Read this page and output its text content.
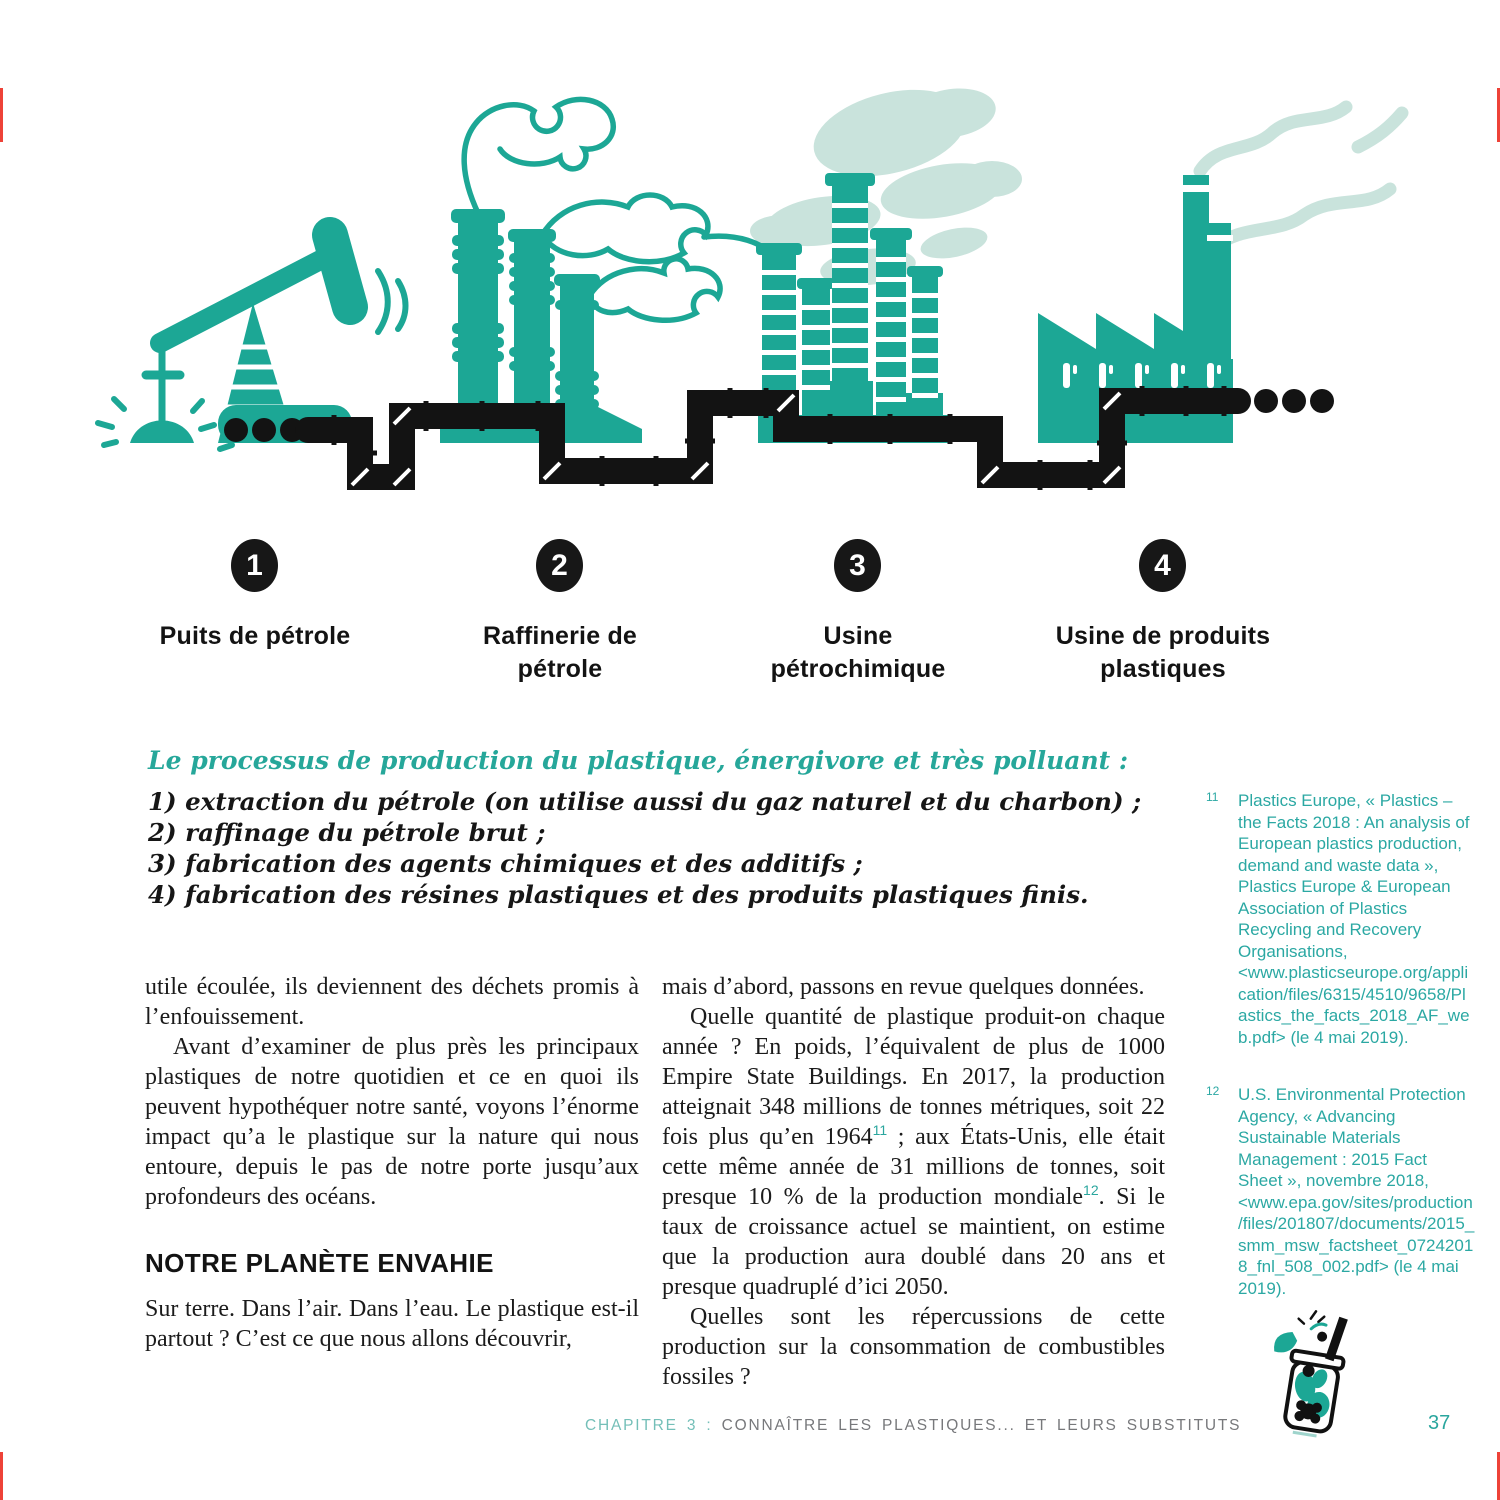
1	2	3	4
Puits de pétrole	Raffinerie de
pétrole
Usine
pétrochimique
Usine de produits
plastiques
Le processus de production du plastique, énergivore et très polluant :
1) extraction du pétrole (on utilise aussi du gaz naturel et du charbon) ;
2) raffinage du pétrole brut ;
3) fabrication des agents chimiques et des additifs ;
4) fabrication des résines plastiques et des produits plastiques finis.

utile écoulée, ils deviennent des déchets promis à l’enfouissement.

Avant d’examiner de plus près les principaux plastiques de notre quotidien et ce en quoi ils peuvent hypothéquer notre santé, voyons l’énorme impact qu’a le plastique sur la nature qui nous entoure, depuis le pas de notre porte jusqu’aux profondeurs des océans.

NOTRE PLANÈTE ENVAHIE

Sur terre. Dans l’air. Dans l’eau. Le plastique est-il partout ? C’est ce que nous allons découvrir,

mais d’abord, passons en revue quelques données.

Quelle quantité de plastique produit-on chaque année ? En poids, l’équivalent de plus de 1000 Empire State Buildings. En 2017, la production atteignait 348 millions de tonnes métriques, soit 22 fois plus qu’en 1964$^{11}$ ; aux États-Unis, elle était cette même année de 31 millions de tonnes, soit presque 10 % de la production mondiale$^{12}$. Si le taux de croissance actuel se maintient, on estime que la production aura doublé dans 20 ans et presque quadruplé d’ici 2050.

Quelles sont les répercussions de cette production sur la consommation de combustibles fossiles ?

11 Plastics Europe, « Plastics – the Facts 2018 : An analysis of European plastics production, demand and waste data », Plastics Europe & European Association of Plastics Recycling and Recovery Organisations, <www.plasticseurope.org/application/files/6315/4510/9658/Plastics_the_facts_2018_AF_web.pdf> (le 4 mai 2019).
12 U.S. Environmental Protection Agency, « Advancing Sustainable Materials Management : 2015 Fact Sheet », novembre 2018, <www.epa.gov/sites/production/files/201807/documents/2015_smm_msw_factsheet_07242018_fnl_508_002.pdf> (le 4 mai 2019).
CHAPITRE 3 : CONNAÎTRE LES PLASTIQUES... ET LEURS SUBSTITUTS	37
